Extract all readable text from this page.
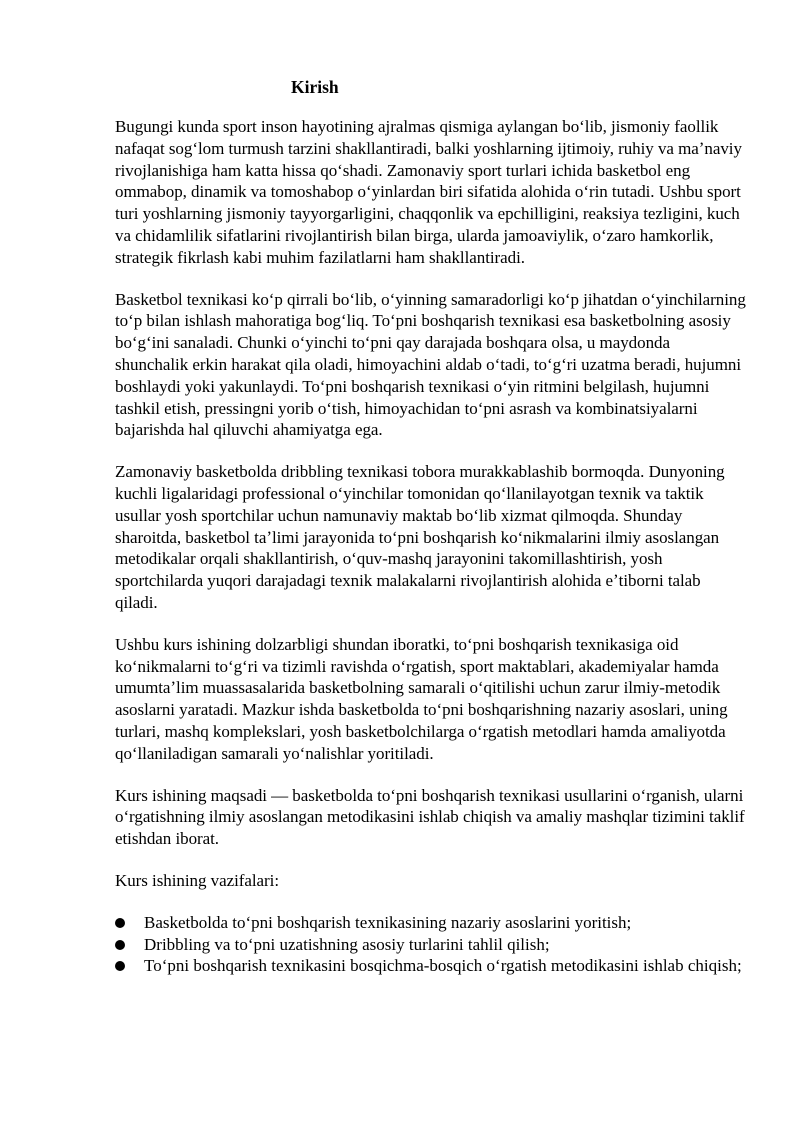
Kirish

Bugungi kunda sport inson hayotining ajralmas qismiga aylangan boʻlib, jismoniy faollik nafaqat sogʻlom turmush tarzini shakllantiradi, balki yoshlarning ijtimoiy, ruhiy va maʼnaviy rivojlanishiga ham katta hissa qoʻshadi. Zamonaviy sport turlari ichida basketbol eng ommabop, dinamik va tomoshabop oʻyinlardan biri sifatida alohida oʻrin tutadi. Ushbu sport turi yoshlarning jismoniy tayyorgarligini, chaqqonlik va epchilligini, reaksiya tezligini, kuch va chidamlilik sifatlarini rivojlantirish bilan birga, ularda jamoaviylik, oʻzaro hamkorlik, strategik fikrlash kabi muhim fazilatlarni ham shakllantiradi.

Basketbol texnikasi koʻp qirrali boʻlib, oʻyinning samaradorligi koʻp jihatdan oʻyinchilarning toʻp bilan ishlash mahoratiga bogʻliq. Toʻpni boshqarish texnikasi esa basketbolning asosiy boʻgʻini sanaladi. Chunki oʻyinchi toʻpni qay darajada boshqara olsa, u maydonda shunchalik erkin harakat qila oladi, himoyachini aldab oʻtadi, toʻgʻri uzatma beradi, hujumni boshlaydi yoki yakunlaydi. Toʻpni boshqarish texnikasi oʻyin ritmini belgilash, hujumni tashkil etish, pressingni yorib oʻtish, himoyachidan toʻpni asrash va kombinatsiyalarni bajarishda hal qiluvchi ahamiyatga ega.

Zamonaviy basketbolda dribbling texnikasi tobora murakkablashib bormoqda. Dunyoning kuchli ligalaridagi professional oʻyinchilar tomonidan qoʻllanilayotgan texnik va taktik usullar yosh sportchilar uchun namunaviy maktab boʻlib xizmat qilmoqda. Shunday sharoitda, basketbol taʼlimi jarayonida toʻpni boshqarish koʻnikmalarini ilmiy asoslangan metodikalar orqali shakllantirish, oʻquv-mashq jarayonini takomillashtirish, yosh sportchilarda yuqori darajadagi texnik malakalarni rivojlantirish alohida eʼtiborni talab qiladi.

Ushbu kurs ishining dolzarbligi shundan iboratki, toʻpni boshqarish texnikasiga oid koʻnikmalarni toʻgʻri va tizimli ravishda oʻrgatish, sport maktablari, akademiyalar hamda umumtaʼlim muassasalarida basketbolning samarali oʻqitilishi uchun zarur ilmiy-metodik asoslarni yaratadi. Mazkur ishda basketbolda toʻpni boshqarishning nazariy asoslari, uning turlari, mashq komplekslari, yosh basketbolchilarga oʻrgatish metodlari hamda amaliyotda qoʻllaniladigan samarali yoʻnalishlar yoritiladi.

Kurs ishining maqsadi — basketbolda toʻpni boshqarish texnikasi usullarini oʻrganish, ularni oʻrgatishning ilmiy asoslangan metodikasini ishlab chiqish va amaliy mashqlar tizimini taklif etishdan iborat.

Kurs ishining vazifalari:

Basketbolda toʻpni boshqarish texnikasining nazariy asoslarini yoritish;
Dribbling va toʻpni uzatishning asosiy turlarini tahlil qilish;
Toʻpni boshqarish texnikasini bosqichma-bosqich oʻrgatish metodikasini ishlab chiqish;
